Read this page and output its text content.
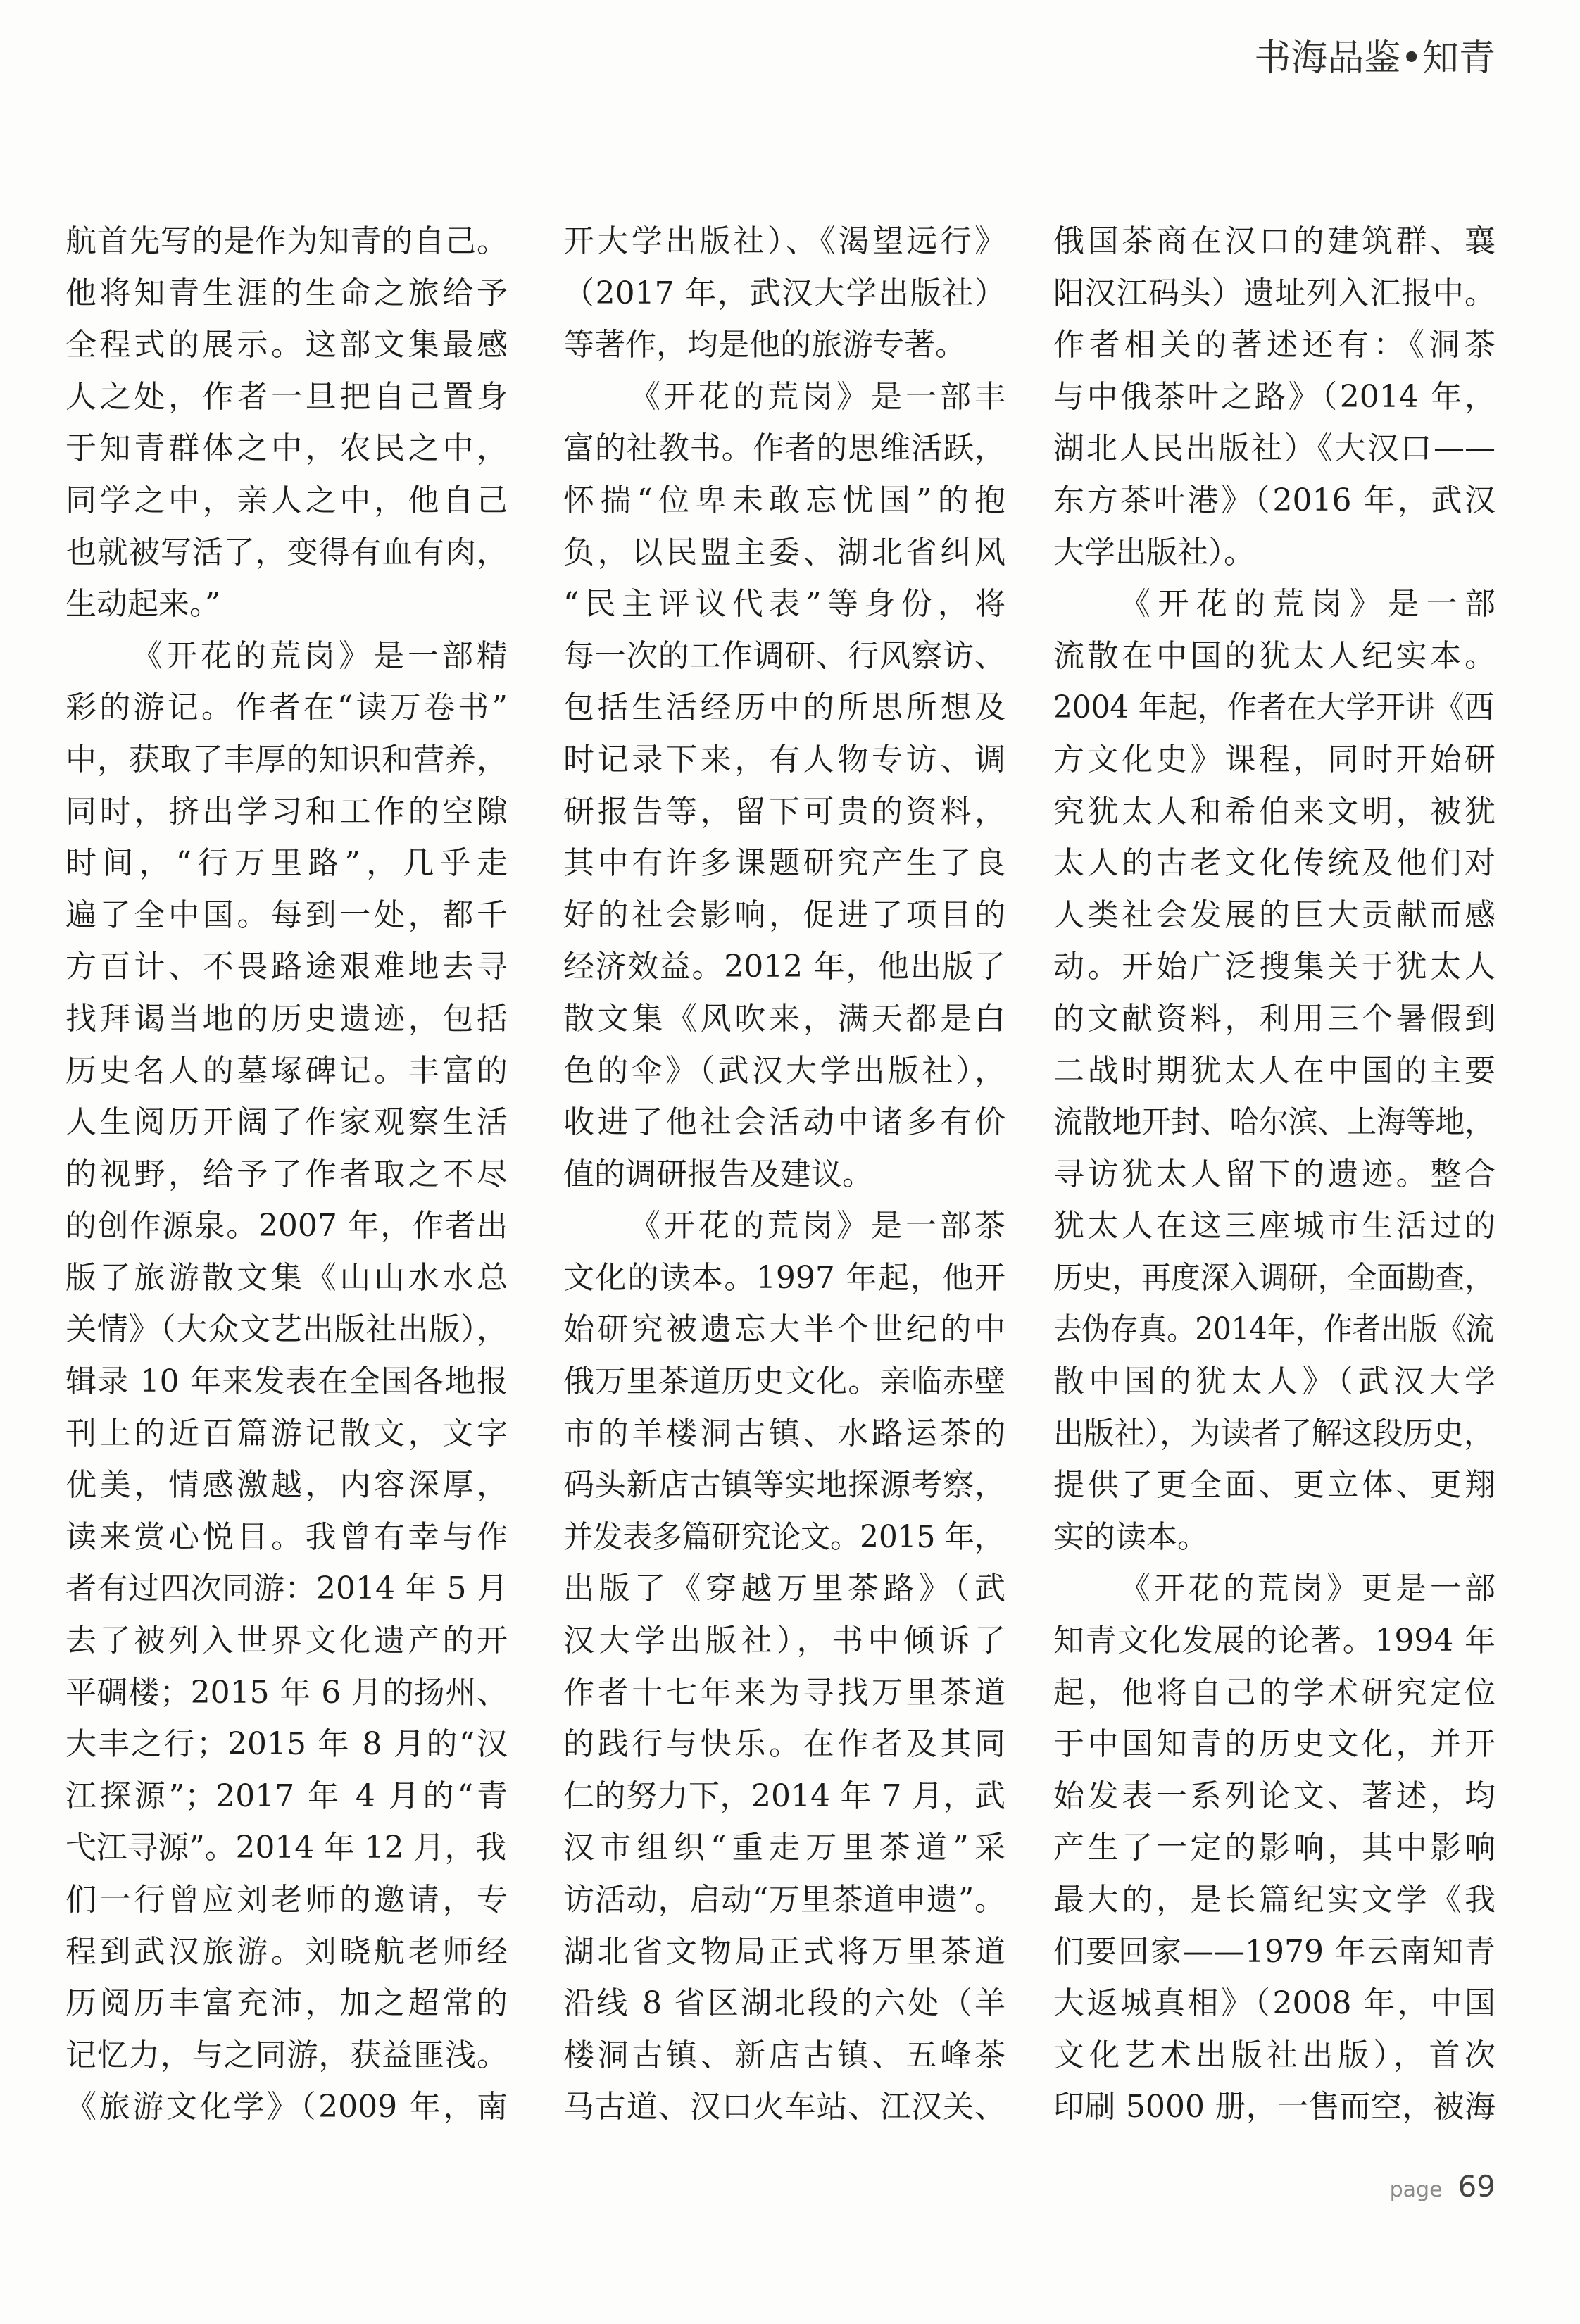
书海品鉴•知青
航首先写的是作为知青的自己。
他将知青生涯的生命之旅给予
全程式的展示。这部文集最感
人之处，作者一旦把自己置身
于知青群体之中，农民之中，
同学之中，亲人之中，他自己
也就被写活了，变得有血有肉，
生动起来。”
《开花的荒岗》是一部精
彩的游记。作者在“读万卷书”
中，获取了丰厚的知识和营养，
同时，挤出学习和工作的空隙
时间，“行万里路”，几乎走
遍了全中国。每到一处，都千
方百计、不畏路途艰难地去寻
找拜谒当地的历史遗迹，包括
历史名人的墓塚碑记。丰富的
人生阅历开阔了作家观察生活
的视野，给予了作者取之不尽
的创作源泉。2007 年，作者出
版了旅游散文集《山山水水总
关情》（大众文艺出版社出版），
辑录 10 年来发表在全国各地报
刊上的近百篇游记散文，文字
优美，情感激越，内容深厚，
读来赏心悦目。我曾有幸与作
者有过四次同游：2014 年 5 月
去了被列入世界文化遗产的开
平碉楼；2015 年 6 月的扬州、
大丰之行；2015 年 8 月的“汉
江探源”；2017 年 4 月的“青
弋江寻源”。2014 年 12 月，我
们一行曾应刘老师的邀请，专
程到武汉旅游。刘晓航老师经
历阅历丰富充沛，加之超常的
记忆力，与之同游，获益匪浅。
《旅游文化学》（2009 年，南
开大学出版社）、《渴望远行》
（2017 年，武汉大学出版社）
等著作，均是他的旅游专著。
《开花的荒岗》是一部丰
富的社教书。作者的思维活跃，
怀揣“位卑未敢忘忧国”的抱
负，以民盟主委、湖北省纠风
“民主评议代表”等身份，将
每一次的工作调研、行风察访、
包括生活经历中的所思所想及
时记录下来，有人物专访、调
研报告等，留下可贵的资料，
其中有许多课题研究产生了良
好的社会影响，促进了项目的
经济效益。2012 年，他出版了
散文集《风吹来，满天都是白
色的伞》（武汉大学出版社），
收进了他社会活动中诸多有价
值的调研报告及建议。
《开花的荒岗》是一部茶
文化的读本。1997 年起，他开
始研究被遗忘大半个世纪的中
俄万里茶道历史文化。亲临赤壁
市的羊楼洞古镇、水路运茶的
码头新店古镇等实地探源考察，
并发表多篇研究论文。2015 年，
出版了《穿越万里茶路》（武
汉大学出版社），书中倾诉了
作者十七年来为寻找万里茶道
的践行与快乐。在作者及其同
仁的努力下，2014 年 7 月，武
汉市组织“重走万里茶道”采
访活动，启动“万里茶道申遗”。
湖北省文物局正式将万里茶道
沿线 8 省区湖北段的六处（羊
楼洞古镇、新店古镇、五峰茶
马古道、汉口火车站、江汉关、
俄国茶商在汉口的建筑群、襄
阳汉江码头）遗址列入汇报中。
作者相关的著述还有：《洞茶
与中俄茶叶之路》（2014 年，
湖北人民出版社）《大汉口——
东方茶叶港》（2016 年，武汉
大学出版社）。
《开花的荒岗》是一部
流散在中国的犹太人纪实本。
2004 年起，作者在大学开讲《西
方文化史》课程，同时开始研
究犹太人和希伯来文明，被犹
太人的古老文化传统及他们对
人类社会发展的巨大贡献而感
动。开始广泛搜集关于犹太人
的文献资料，利用三个暑假到
二战时期犹太人在中国的主要
流散地开封、哈尔滨、上海等地，
寻访犹太人留下的遗迹。整合
犹太人在这三座城市生活过的
历史，再度深入调研，全面勘查，
去伪存真。2014年，作者出版《流
散中国的犹太人》（武汉大学
出版社），为读者了解这段历史，
提供了更全面、更立体、更翔
实的读本。
《开花的荒岗》更是一部
知青文化发展的论著。1994 年
起，他将自己的学术研究定位
于中国知青的历史文化，并开
始发表一系列论文、著述，均
产生了一定的影响，其中影响
最大的，是长篇纪实文学《我
们要回家——1979 年云南知青
大返城真相》（2008 年，中国
文化艺术出版社出版），首次
印刷 5000 册，一售而空，被海
page 69
